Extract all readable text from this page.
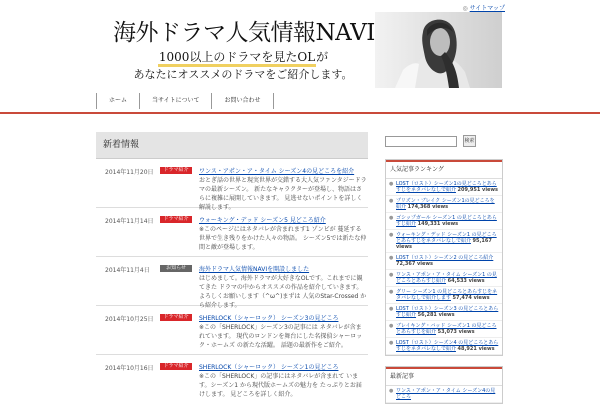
◎ サイトマップ
海外ドラマ人気情報NAVI
1000以上のドラマを見たOLが
あなたにオススメのドラマをご紹介します。
ホーム	当サイトについて	お問い合わせ
新着情報
2014年11月20日	ドラマ紹介	ワンス・アポン・ア・タイム シーズン4の見どころを紹介
おとぎ話の世界と現実世界が交錯する大人気ファンタジードラマの最新シーズン。 新たなキャラクターが登場し、物語はさらに複雑に展開していきます。 見逃せないポイントを詳しく解説します。
2014年11月14日	ドラマ紹介	ウォーキング・デッド シーズン5 見どころ紹介
※このページにはネタバレが含まれます1 ゾンビが 蔓延する世界で生き残りをかけた人々の物語。 シーズン5では新たな仲間と敵が登場します。
2014年11月4日	お知らせ	海外ドラマ人気情報NAVIを開設しました
はじめまして。海外ドラマが大好きなOLです。これまでに観てきた ドラマの中からオススメの作品を紹介していきます。よろしくお願いします（^ω^)まずは 人気のStar-Crossed から紹介します。
2014年10月25日	ドラマ紹介	SHERLOCK（シャーロック） シーズン3の見どころ
※この「SHERLOCK」シーズン3の記事には ネタバレが含まれています。 現代のロンドンを舞台にした名探偵シャーロック・ホームズ の新たな活躍。 話題の最新作をご紹介。
2014年10月16日	ドラマ紹介	SHERLOCK（シャーロック） シーズン1の見どころ
※この「SHERLOCK」の記事にはネタバレが含まれて います。シーズン1 から現代版ホームズの魅力を たっぷりとお届けします。 見どころを詳しく紹介。
検索
人気記事ランキング
● LOST（ロスト）シーズン1の見どころとあらすじをネタバレなしで紹介 209,951 views
● プリズン・ブレイク シーズン1の見どころを紹介 174,368 views
● ゴシップガール シーズン1 の見どころとあらすじ紹介 149,331 views
● ウォーキング・デッド シーズン1 の見どころとあらすじをネタバレなしで紹介 95,167 views
● LOST（ロスト）シーズン2 の見どころ紹介 72,367 views
● ワンス・アポン・ア・タイム シーズン1 の見どころとあらすじ紹介 64,533 views
● グリー シーズン1 の見どころとあらすじをネタバレなしで紹介します 57,474 views
● LOST（ロスト）シーズン3 の見どころとあらすじ紹介 56,281 views
● ブレイキング・バッド シーズン1 の見どころとあらすじを紹介 53,073 views
● LOST（ロスト）シーズン4 の見どころとあらすじをネタバレなしで紹介 48,921 views
最新記事
● ワンス・アポン・ア・タイム シーズン4の見どころ
